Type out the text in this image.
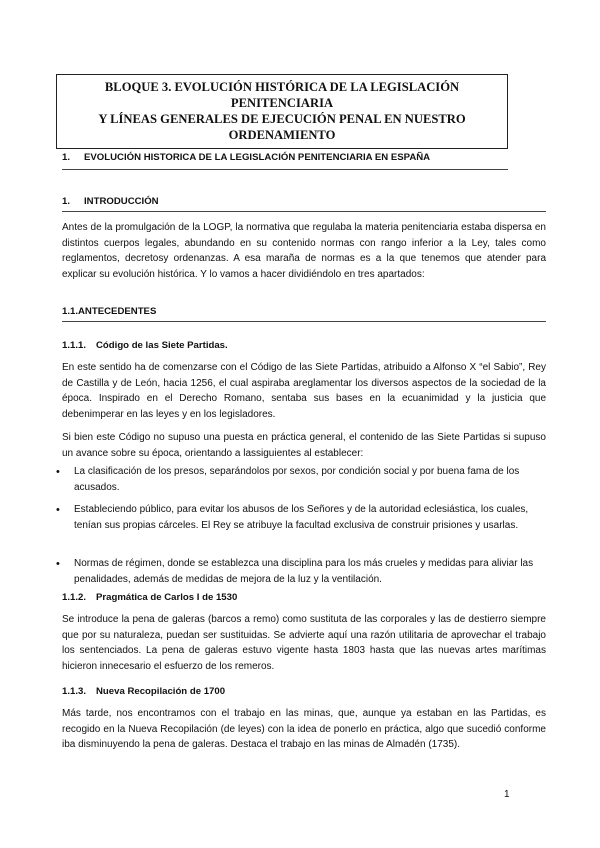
BLOQUE 3. EVOLUCIÓN HISTÓRICA DE LA LEGISLACIÓN PENITENCIARIA
Y LÍNEAS GENERALES DE EJECUCIÓN PENAL EN NUESTRO
ORDENAMIENTO
1. EVOLUCIÓN HISTORICA DE LA LEGISLACIÓN PENITENCIARIA EN ESPAÑA
1. INTRODUCCIÓN
Antes de la promulgación de la LOGP, la normativa que regulaba la materia penitenciaria estaba dispersa en distintos cuerpos legales, abundando en su contenido normas con rango inferior a la Ley, tales como reglamentos, decretosy ordenanzas. A esa maraña de normas es a la que tenemos que atender para explicar su evolución histórica. Y lo vamos a hacer dividiéndolo en tres apartados:
1.1.ANTECEDENTES
1.1.1. Código de las Siete Partidas.
En este sentido ha de comenzarse con el Código de las Siete Partidas, atribuido a Alfonso X “el Sabio”, Rey de Castilla y de León, hacia 1256, el cual aspiraba areglamentar los diversos aspectos de la sociedad de la época. Inspirado en el Derecho Romano, sentaba sus bases en la ecuanimidad y la justicia que debenimperar en las leyes y en los legisladores.
Si bien este Código no supuso una puesta en práctica general, el contenido de las Siete Partidas si supuso un avance sobre su época, orientando a lassiguientes al establecer:
• La clasificación de los presos, separándolos por sexos, por condición social y por buena fama de los acusados.
• Estableciendo público, para evitar los abusos de los Señores y de la autoridad eclesiástica, los cuales, tenían sus propias cárceles. El Rey se atribuye la facultad exclusiva de construir prisiones y usarlas.
• Normas de régimen, donde se establezca una disciplina para los más crueles y medidas para aliviar las penalidades, además de medidas de mejora de la luz y la ventilación.
1.1.2. Pragmática de Carlos I de 1530
Se introduce la pena de galeras (barcos a remo) como sustituta de las corporales y las de destierro siempre que por su naturaleza, puedan ser sustituidas. Se advierte aquí una razón utilitaria de aprovechar el trabajo los sentenciados. La pena de galeras estuvo vigente hasta 1803 hasta que las nuevas artes marítimas hicieron innecesario el esfuerzo de los remeros.
1.1.3. Nueva Recopilación de 1700
Más tarde, nos encontramos con el trabajo en las minas, que, aunque ya estaban en las Partidas, es recogido en la Nueva Recopilación (de leyes) con la idea de ponerlo en práctica, algo que sucedió conforme iba disminuyendo la pena de galeras. Destaca el trabajo en las minas de Almadén (1735).
1
